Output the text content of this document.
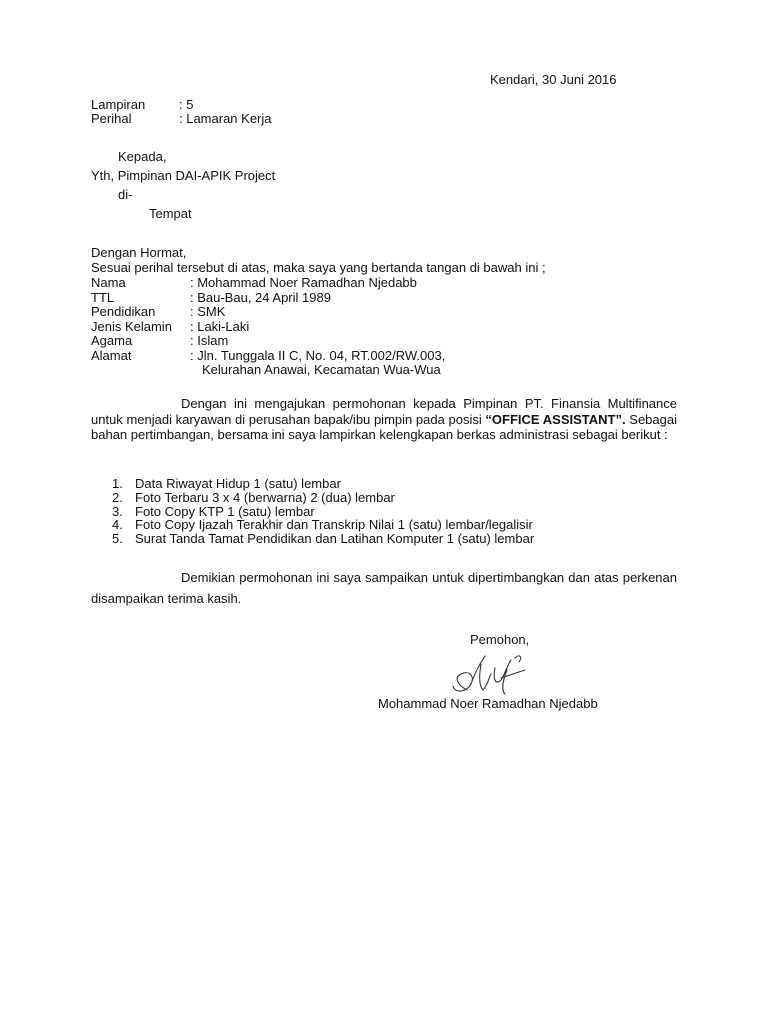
Kendari, 30 Juni 2016
Lampiran	: 5
Perihal	: Lamaran Kerja
Kepada,
Yth, Pimpinan DAI-APIK Project
di-
Tempat
Dengan Hormat,
Sesuai perihal tersebut di atas, maka saya yang bertanda tangan di bawah ini ;
Nama	: Mohammad Noer Ramadhan Njedabb
TTL	: Bau-Bau, 24 April 1989
Pendidikan	: SMK
Jenis Kelamin : Laki-Laki
Agama	: Islam
Alamat	: Jln. Tunggala II C, No. 04, RT.002/RW.003,
Kelurahan Anawai, Kecamatan Wua-Wua
Dengan ini mengajukan permohonan kepada Pimpinan PT. Finansia Multifinance untuk menjadi karyawan di perusahan bapak/ibu pimpin pada posisi “OFFICE ASSISTANT”. Sebagai bahan pertimbangan, bersama ini saya lampirkan kelengkapan berkas administrasi sebagai berikut :
1. Data Riwayat Hidup 1 (satu) lembar
2. Foto Terbaru 3 x 4 (berwarna) 2 (dua) lembar
3. Foto Copy KTP 1 (satu) lembar
4. Foto Copy Ijazah Terakhir dan Transkrip Nilai 1 (satu) lembar/legalisir
5. Surat Tanda Tamat Pendidikan dan Latihan Komputer 1 (satu) lembar
Demikian permohonan ini saya sampaikan untuk dipertimbangkan dan atas perkenan disampaikan terima kasih.
Pemohon,
Mohammad Noer Ramadhan Njedabb
